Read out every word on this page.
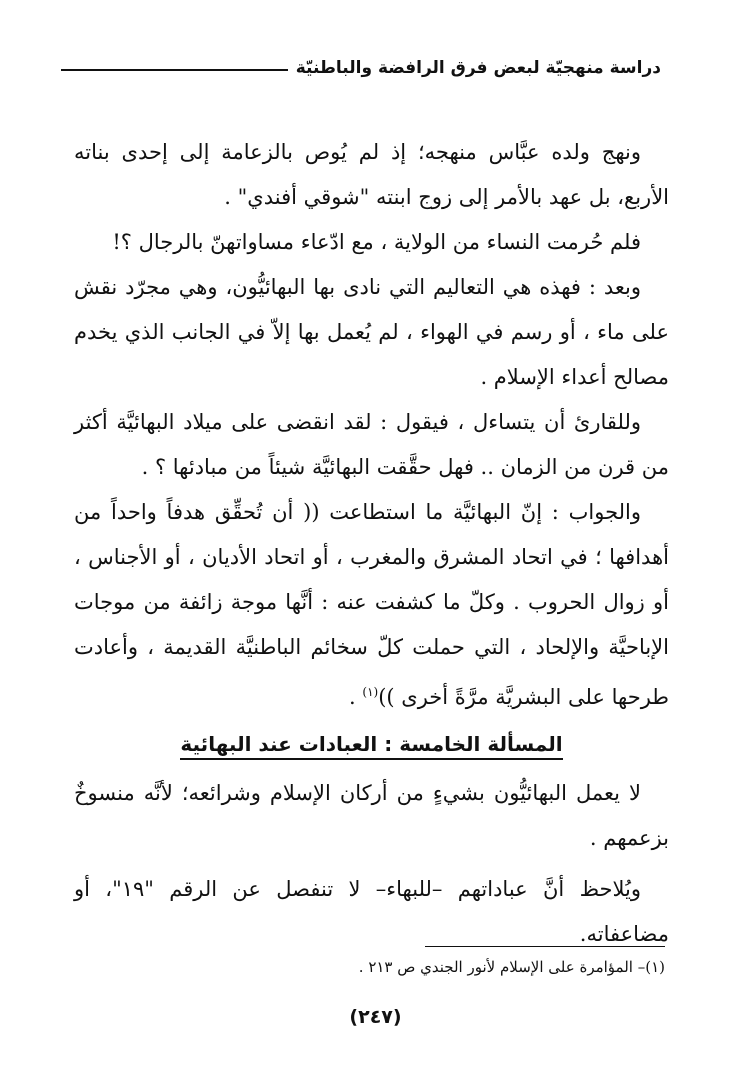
دراسة منهجيّة لبعض فرق الرافضة والباطنيّة

ونهج ولده عبَّاس منهجه؛ إذ لم يُوص بالزعامة إلى إحدى بناته الأربع، بل عهد بالأمر إلى زوج ابنته "شوقي أفندي" .

فلم حُرمت النساء من الولاية ، مع ادّعاء مساواتهنّ بالرجال ؟!

وبعد : فهذه هي التعاليم التي نادى بها البهائيُّون، وهي مجرّد نقش على ماء ، أو رسم في الهواء ، لم يُعمل بها إلاّ في الجانب الذي يخدم مصالح أعداء الإسلام .

وللقارئ أن يتساءل ، فيقول : لقد انقضى على ميلاد البهائيَّة أكثر من قرن من الزمان .. فهل حقَّقت البهائيَّة شيئاً من مبادئها ؟ .

والجواب : إنّ البهائيَّة ما استطاعت (( أن تُحقِّق هدفاً واحداً من أهدافها ؛ في اتحاد المشرق والمغرب ، أو اتحاد الأديان ، أو الأجناس ، أو زوال الحروب . وكلّ ما كشفت عنه : أنَّها موجة زائفة من موجات الإباحيَّة والإلحاد ، التي حملت كلّ سخائم الباطنيَّة القديمة ، وأعادت طرحها على البشريَّة مرَّةً أخرى ))$^{(١)}$ .

المسألة الخامسة : العبادات عند البهائية

لا يعمل البهائيُّون بشيءٍ من أركان الإسلام وشرائعه؛ لأنَّه منسوخٌ بزعمهم .

ويُلاحظ أنَّ عباداتهم –للبهاء– لا تنفصل عن الرقم "١٩"، أو مضاعفاته.

(١)– المؤامرة على الإسلام لأنور الجندي ص ٢١٣ .
(٢٤٧)
